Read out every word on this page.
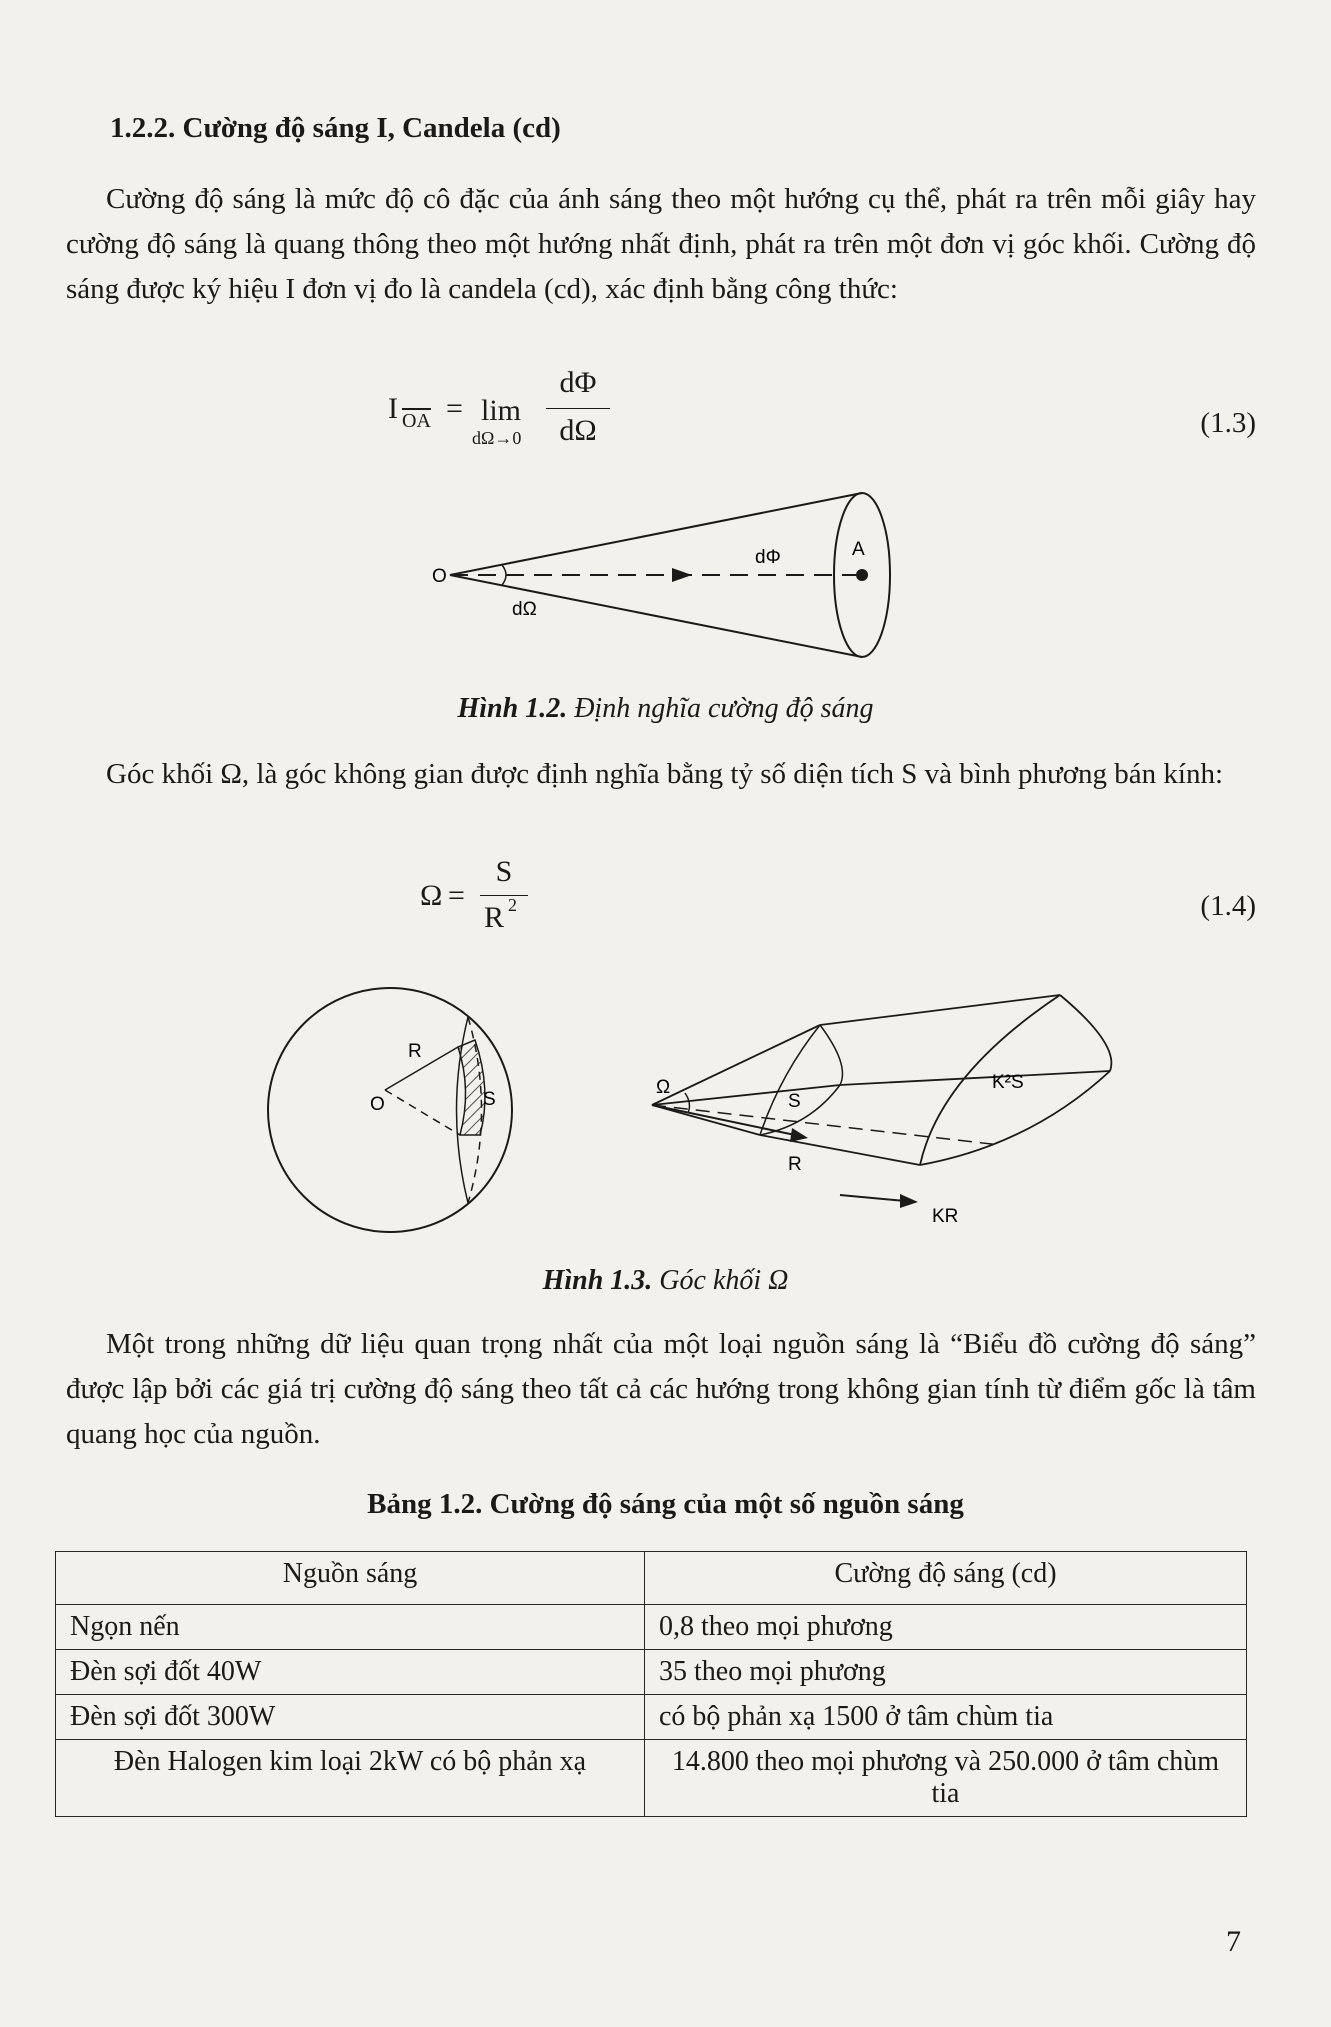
1.2.2. Cường độ sáng I, Candela (cd)

Cường độ sáng là mức độ cô đặc của ánh sáng theo một hướng cụ thể, phát ra trên mỗi giây hay cường độ sáng là quang thông theo một hướng nhất định, phát ra trên một đơn vị góc khối. Cường độ sáng được ký hiệu I đơn vị đo là candela (cd), xác định bằng công thức:

I $\overline{OA} = \lim$
dΩ→0
dΦ
dΩ	(1.3)
O
dΦ	A
dΩ
Hình 1.2. Định nghĩa cường độ sáng

Góc khối Ω, là góc không gian được định nghĩa bằng tỷ số diện tích S và bình phương bán kính:

Ω =
S
R 2	(1.4)
R
O	S
Ω
S
K²S
R
KR
Hình 1.3. Góc khối Ω

Một trong những dữ liệu quan trọng nhất của một loại nguồn sáng là “Biểu đồ cường độ sáng” được lập bởi các giá trị cường độ sáng theo tất cả các hướng trong không gian tính từ điểm gốc là tâm quang học của nguồn.

Bảng 1.2. Cường độ sáng của một số nguồn sáng
Nguồn sáng	Cường độ sáng (cd)
Ngọn nến	0,8 theo mọi phương
Đèn sợi đốt 40W	35 theo mọi phương
Đèn sợi đốt 300W	có bộ phản xạ 1500 ở tâm chùm tia
Đèn Halogen kim loại 2kW có bộ phản xạ	14.800 theo mọi phương và 250.000 ở tâm chùm tia
7
